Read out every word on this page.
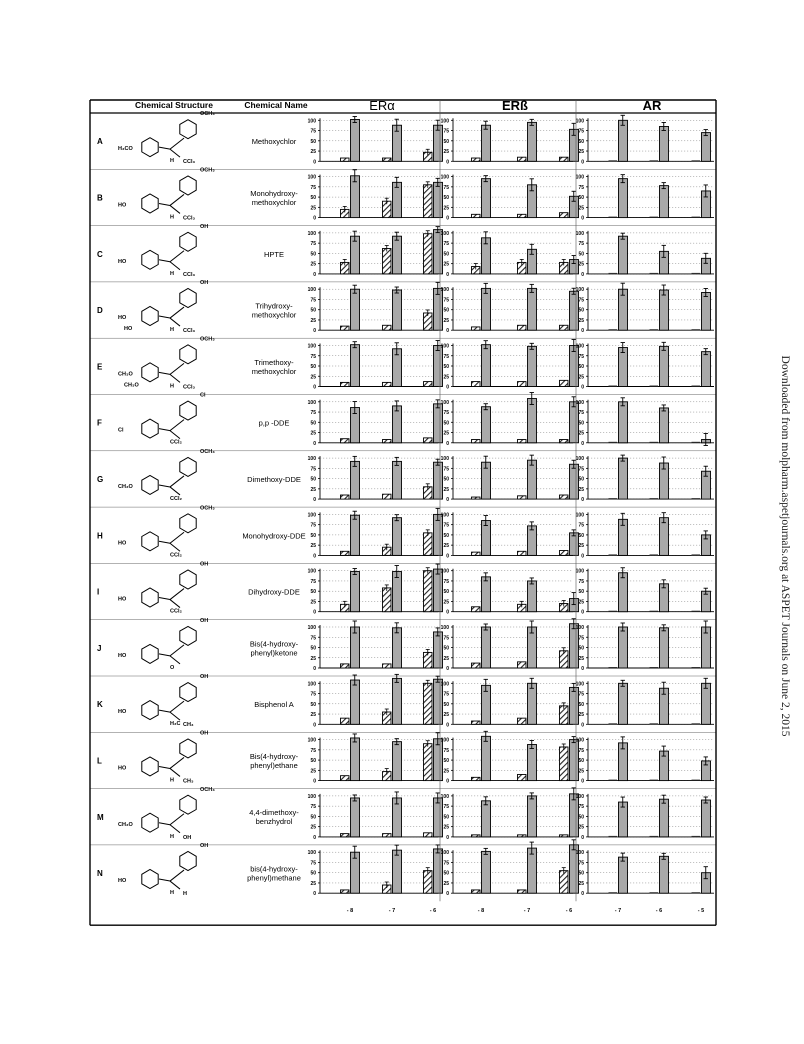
Chemical Structure	Chemical Name	ERα	ERß	AR
A
OCH₃
H₃CO
H CCl₃
Methoxychlor
B
OCH₃
HO
H CCl₃
Monohydroxy-methoxychlor
C
OH
HO
H CCl₃
HPTE
D
OH
HO
HO	H CCl₃
Trihydroxy-methoxychlor
E
OCH₃
CH₃O
CH₃O	H CCl₃
Trimethoxy-methoxychlor
F
Cl
Cl
CCl₂
p,p -DDE
G
OCH₃
CH₃O
CCl₂
Dimethoxy-DDE
H
OCH₃
HO
CCl₂
Monohydroxy-DDE
I
OH
HO
CCl₂
Dihydroxy-DDE
J
OH
HO
O
Bis(4-hydroxy-phenyl)ketone
K
OH
HO
H₃C CH₃
Bisphenol A
L
OH
HO
H CH₃
Bis(4-hydroxy-phenyl)ethane
M
OCH₃
CH₃O
H OH
4,4-dimethoxy-benzhydrol
N
OH
HO
H H
bis(4-hydroxy-phenyl)methane
0
25
50
75
100
0
25
50
75
100
0
25
50
75
100
0
25
50
75
100
0
25
50
75
100
0
25
50
75
100
0
25
50
75
100
0
25
50
75
100
0
25
50
75
100
0
25
50
75
100
0
25
50
75
100
0
25
50
75
100
0
25
50
75
100
0
25
50
75
100
0
25
50
75
100
0
25
50
75
100
0
25
50
75
100
0
25
50
75
100
0
25
50
75
100
0
25
50
75
100
0
25
50
75
100
0
25
50
75
100
0
25
50
75
100
0
25
50
75
100
0
25
50
75
100
0
25
50
75
100
0
25
50
75
100
0
25
50
75
100
0
25
50
75
100
0
25
50
75
100
0
25
50
75
100
0
25
50
75
100
0
25
50
75
100
0
25
50
75
100
0
25
50
75
100
0
25
50
75
100
0
25
50
75
100
0
25
50
75
100
0
25
50
75
100
0
25
50
75
100
0
25
50
75
100
0
25
50
75
100
- 8	- 7	- 6	- 8	- 7	- 6	- 7	- 6	- 5
Downloaded from molpharm.aspetjournals.org at ASPET Journals on June 2, 2015
